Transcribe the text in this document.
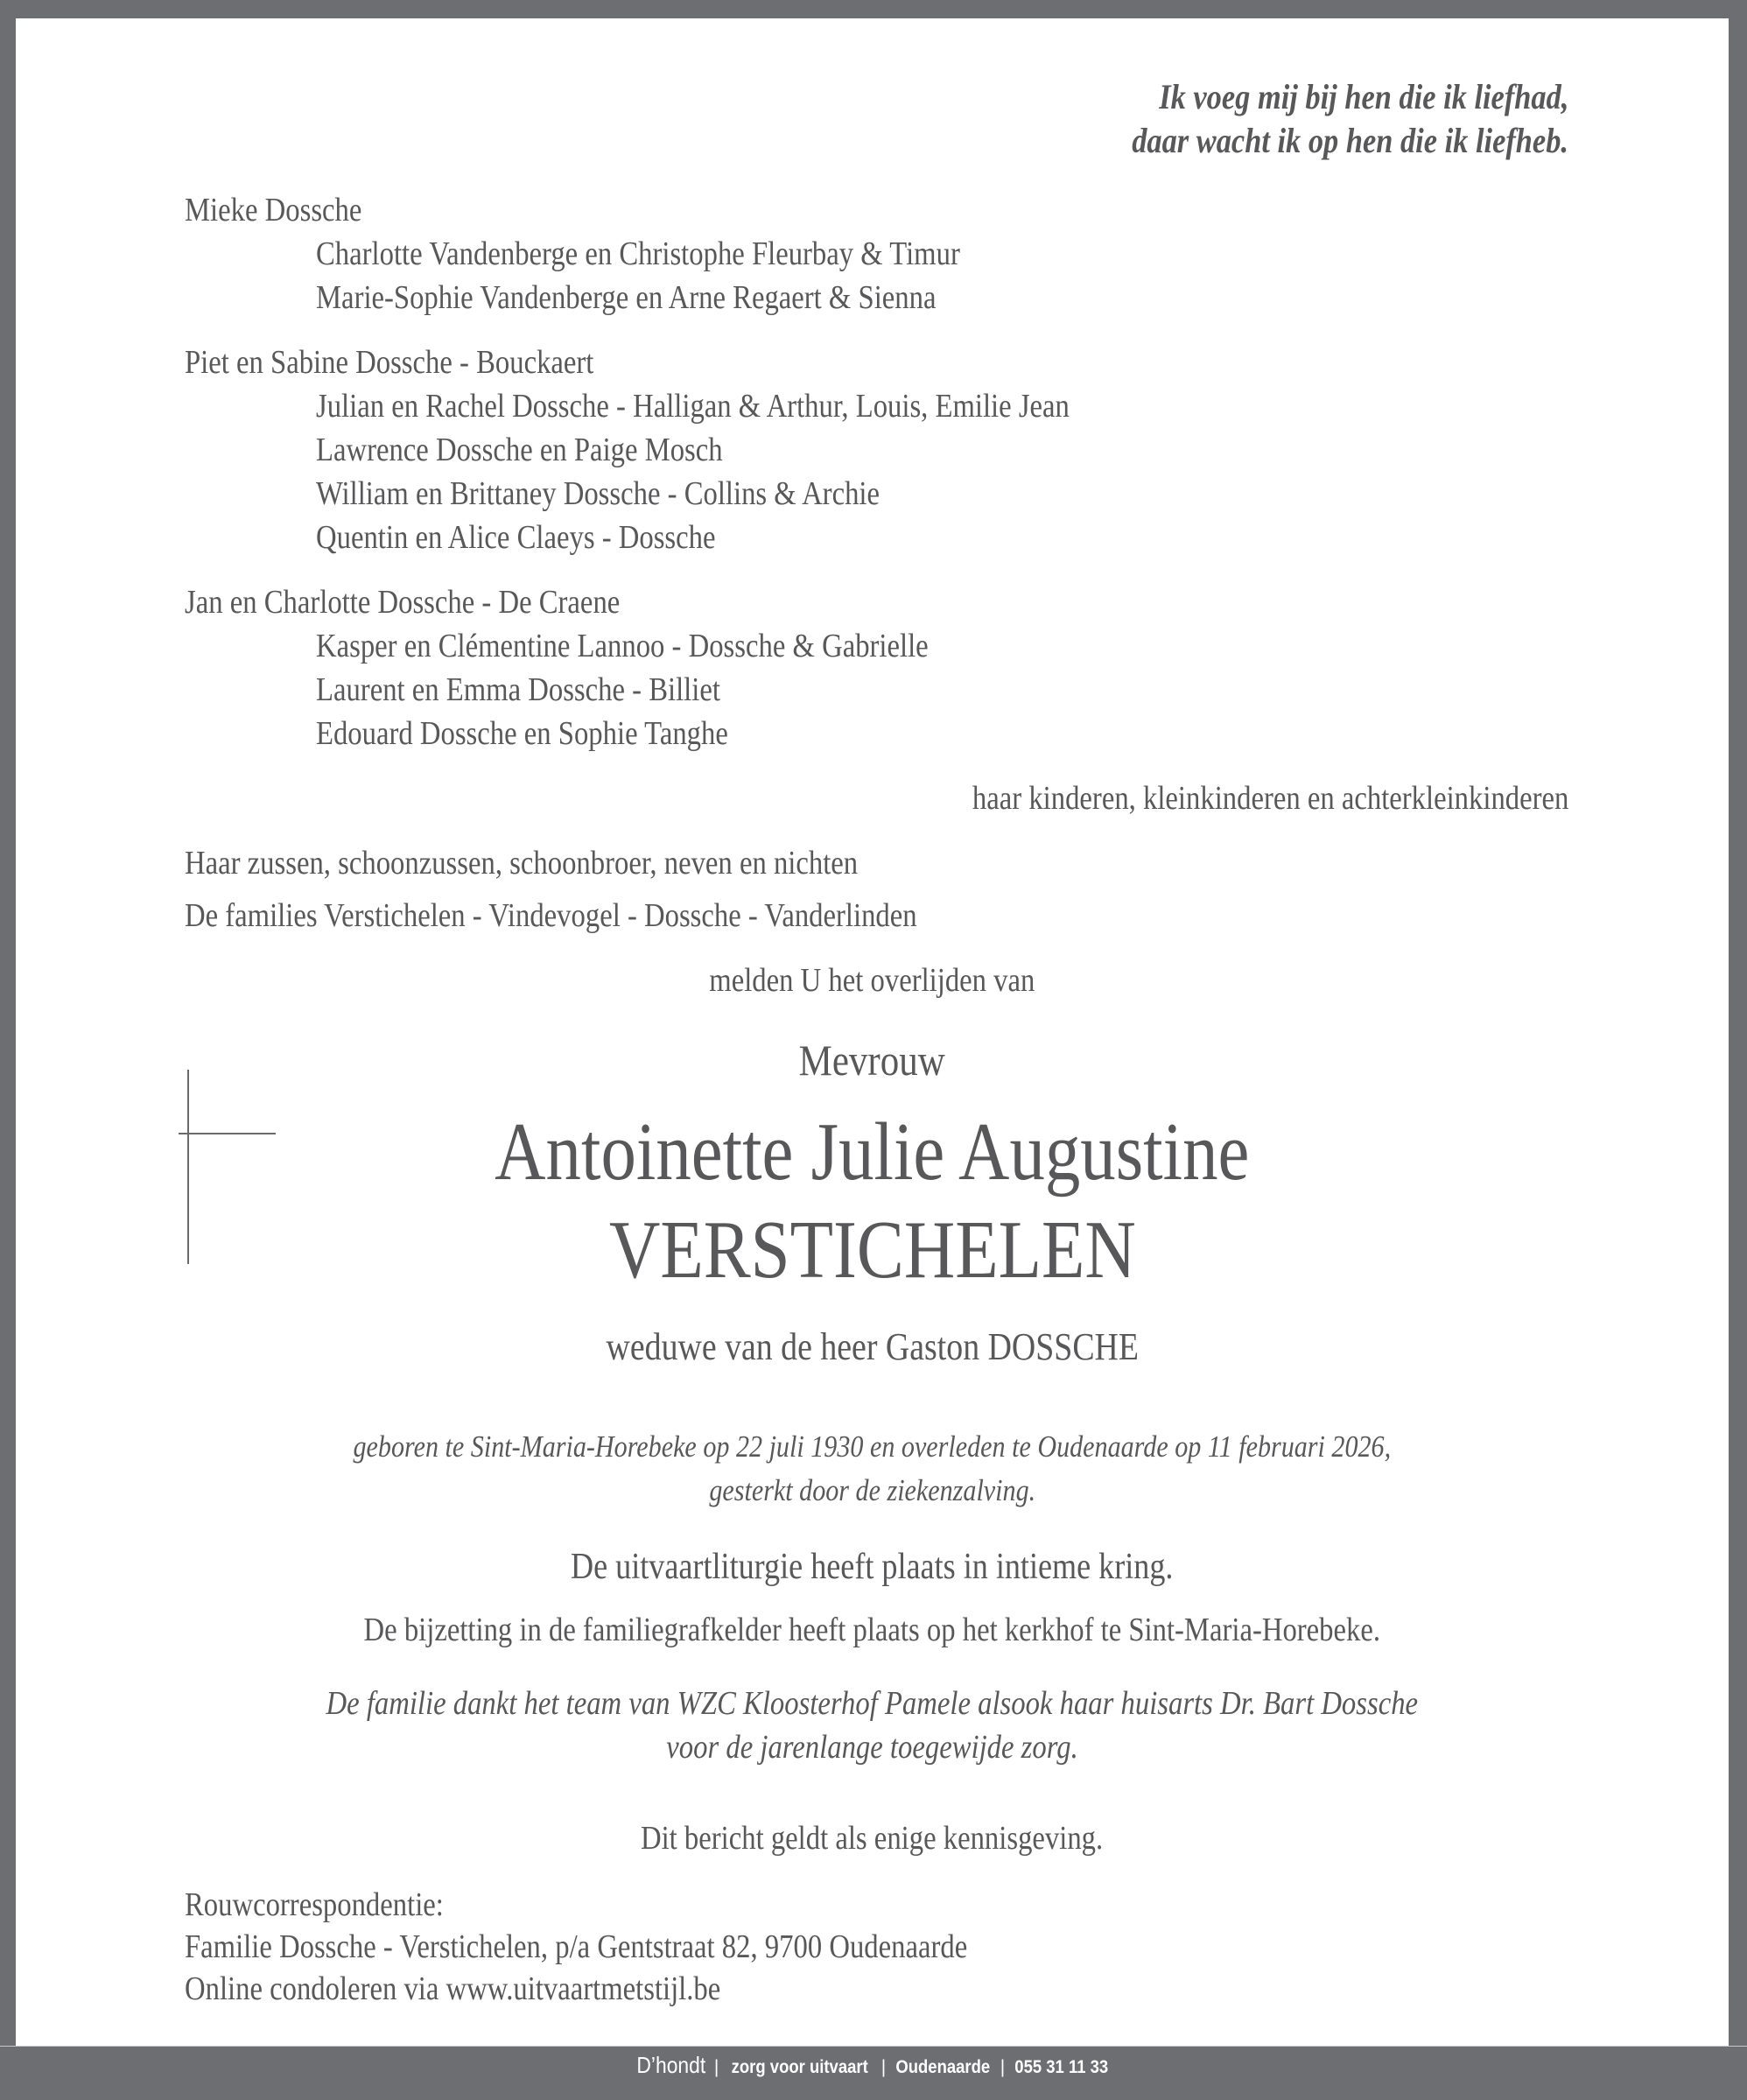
Ik voeg mij bij hen die ik liefhad,
daar wacht ik op hen die ik liefheb.
Mieke Dossche
Charlotte Vandenberge en Christophe Fleurbay & Timur
Marie-Sophie Vandenberge en Arne Regaert & Sienna
Piet en Sabine Dossche - Bouckaert
Julian en Rachel Dossche - Halligan & Arthur, Louis, Emilie Jean
Lawrence Dossche en Paige Mosch
William en Brittaney Dossche - Collins & Archie
Quentin en Alice Claeys - Dossche
Jan en Charlotte Dossche - De Craene
Kasper en Clémentine Lannoo - Dossche & Gabrielle
Laurent en Emma Dossche - Billiet
Edouard Dossche en Sophie Tanghe
haar kinderen, kleinkinderen en achterkleinkinderen
Haar zussen, schoonzussen, schoonbroer, neven en nichten
De families Verstichelen - Vindevogel - Dossche - Vanderlinden
melden U het overlijden van
Mevrouw
Antoinette Julie Augustine
VERSTICHELEN
weduwe van de heer Gaston DOSSCHE
geboren te Sint-Maria-Horebeke op 22 juli 1930 en overleden te Oudenaarde op 11 februari 2026,
gesterkt door de ziekenzalving.
De uitvaartliturgie heeft plaats in intieme kring.
De bijzetting in de familiegrafkelder heeft plaats op het kerkhof te Sint-Maria-Horebeke.
De familie dankt het team van WZC Kloosterhof Pamele alsook haar huisarts Dr. Bart Dossche
voor de jarenlange toegewijde zorg.
Dit bericht geldt als enige kennisgeving.
Rouwcorrespondentie:
Familie Dossche - Verstichelen, p/a Gentstraat 82, 9700 Oudenaarde
Online condoleren via www.uitvaartmetstijl.be
D’hondt | zorg voor uitvaart | Oudenaarde | 055 31 11 33
